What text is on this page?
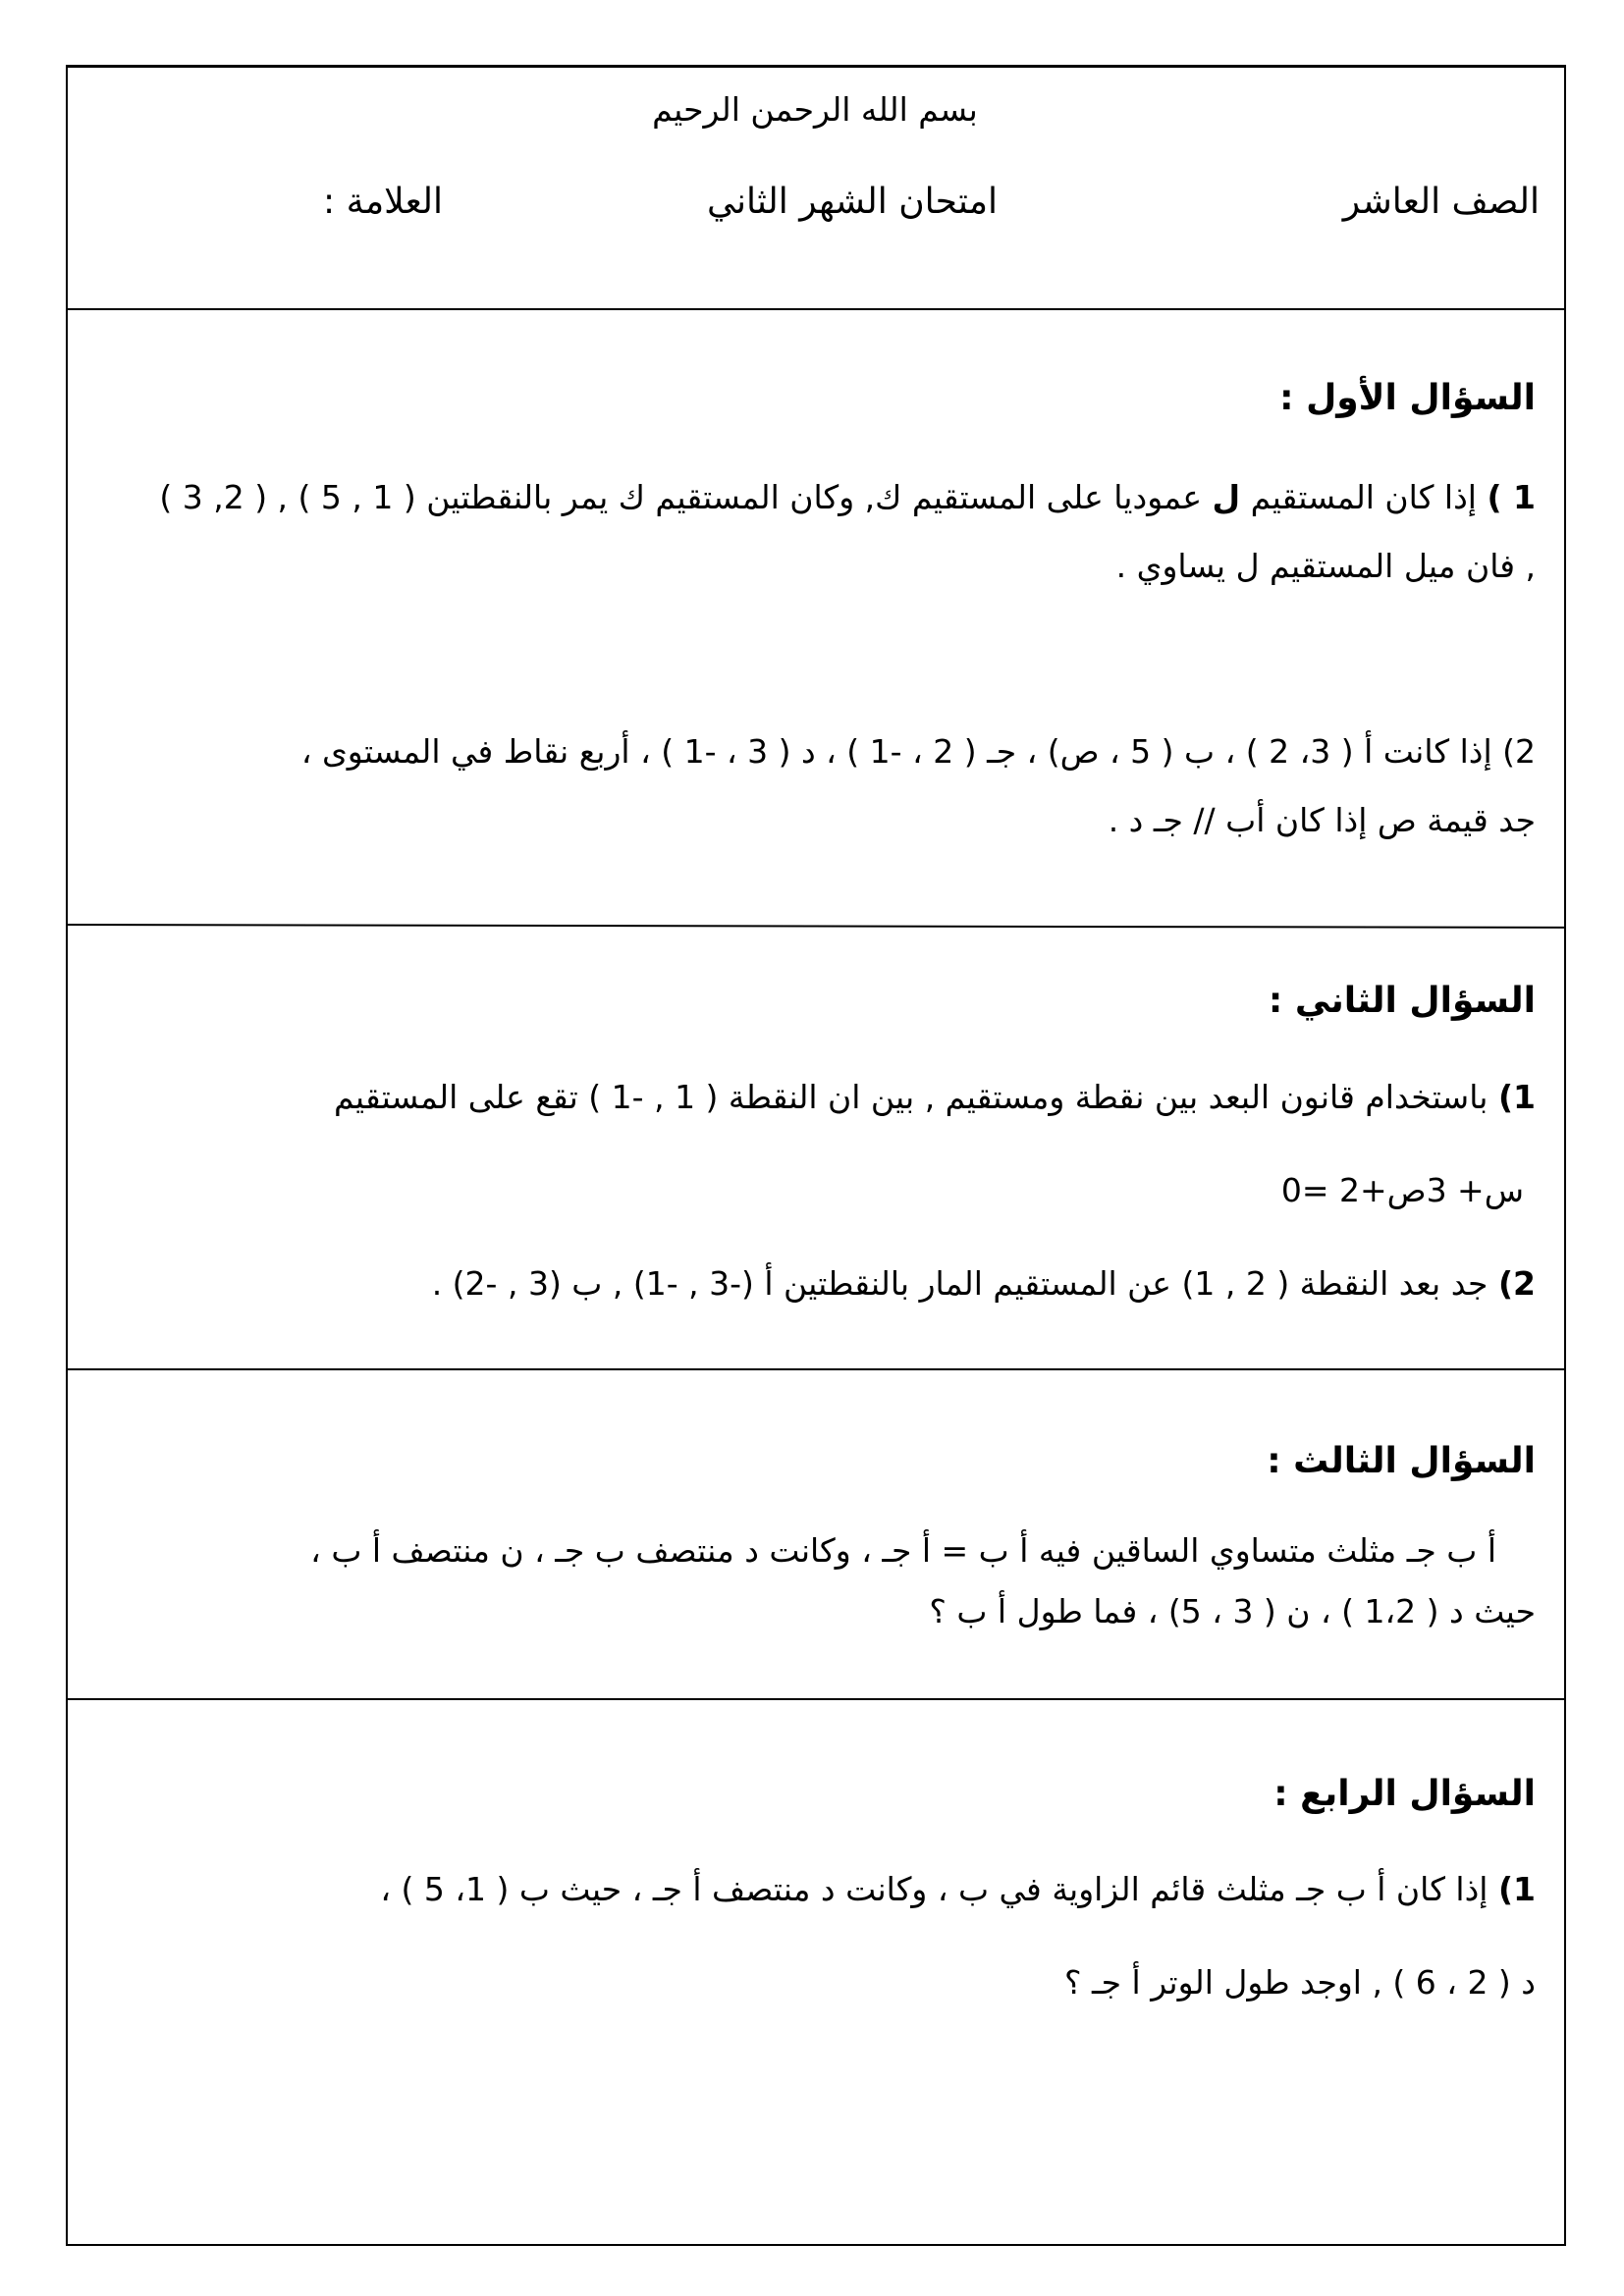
بسم الله الرحمن الرحيم
الصف العاشر
امتحان الشهر الثاني
العلامة :
السؤال الأول :
1 ) إذا كان المستقيم ل عموديا على المستقيم ك, وكان المستقيم ك يمر بالنقطتين ( 1 , 5 ) , ( 2, 3 )
, فان ميل المستقيم ل يساوي .
2) إذا كانت أ ( 3، 2 ) ، ب ( 5 ، ص) ، جـ ( 2 ، -1 ) ، د ( 3 ، -1 ) ، أربع نقاط في المستوى ،
جد قيمة ص إذا كان أب // جـ د .
السؤال الثاني :
1) باستخدام قانون البعد بين نقطة ومستقيم , بين ان النقطة ( 1 , -1 ) تقع على المستقيم
س+ 3ص+2 =0
2) جد بعد النقطة ( 2 , 1) عن المستقيم المار بالنقطتين أ (-3 , -1) , ب (3 , -2) .
السؤال الثالث :
أ ب جـ مثلث متساوي الساقين فيه أ ب = أ جـ ، وكانت د منتصف ب جـ ، ن منتصف أ ب ،
حيث د ( 1،2 ) ، ن ( 3 ، 5) ، فما طول أ ب ؟
السؤال الرابع :
1) إذا كان أ ب جـ مثلث قائم الزاوية في ب ، وكانت د منتصف أ جـ ، حيث ب ( 1، 5 ) ،
د ( 2 ، 6 ) , اوجد طول الوتر أ جـ ؟
